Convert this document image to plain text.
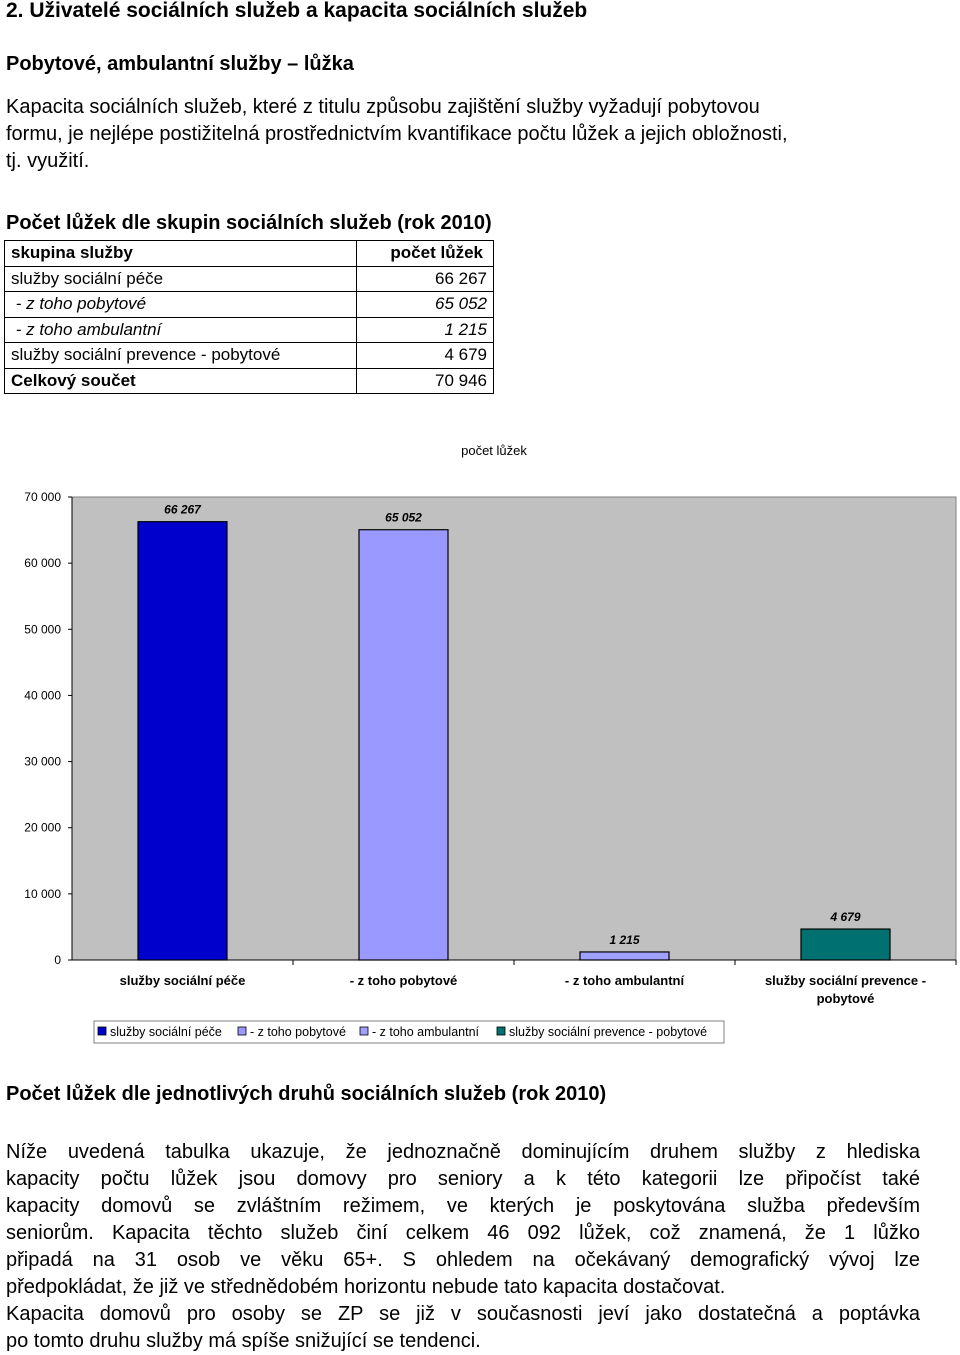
2. Uživatelé sociálních služeb a kapacita sociálních služeb
Pobytové, ambulantní služby – lůžka
Kapacita sociálních služeb, které z titulu způsobu zajištění služby vyžadují pobytovou
formu, je nejlépe postižitelná prostřednictvím kvantifikace počtu lůžek a jejich obložnosti,
tj. využití.
Počet lůžek dle skupin sociálních služeb (rok 2010)
skupina služby	počet lůžek
služby sociální péče	66 267
- z toho pobytové	65 052
- z toho ambulantní	1 215
služby sociální prevence - pobytové	4 679
Celkový součet	70 946
počet lůžek
0
10 000
20 000
30 000
40 000
50 000
60 000
70 000
66 267
65 052
1 215
4 679
služby sociální péče	- z toho pobytové	- z toho ambulantní	služby sociální prevence -
pobytové
služby sociální péče - z toho pobytové - z toho ambulantní služby sociální prevence - pobytové
Počet lůžek dle jednotlivých druhů sociálních služeb (rok 2010)
Níže uvedená tabulka ukazuje, že jednoznačně dominujícím druhem služby z hlediska
kapacity počtu lůžek jsou domovy pro seniory a k této kategorii lze připočíst také
kapacity domovů se zvláštním režimem, ve kterých je poskytována služba především
seniorům. Kapacita těchto služeb činí celkem 46 092 lůžek, což znamená, že 1 lůžko
připadá na 31 osob ve věku 65+. S ohledem na očekávaný demografický vývoj lze
předpokládat, že již ve střednědobém horizontu nebude tato kapacita dostačovat.
Kapacita domovů pro osoby se ZP se již v současnosti jeví jako dostatečná a poptávka
po tomto druhu služby má spíše snižující se tendenci.
